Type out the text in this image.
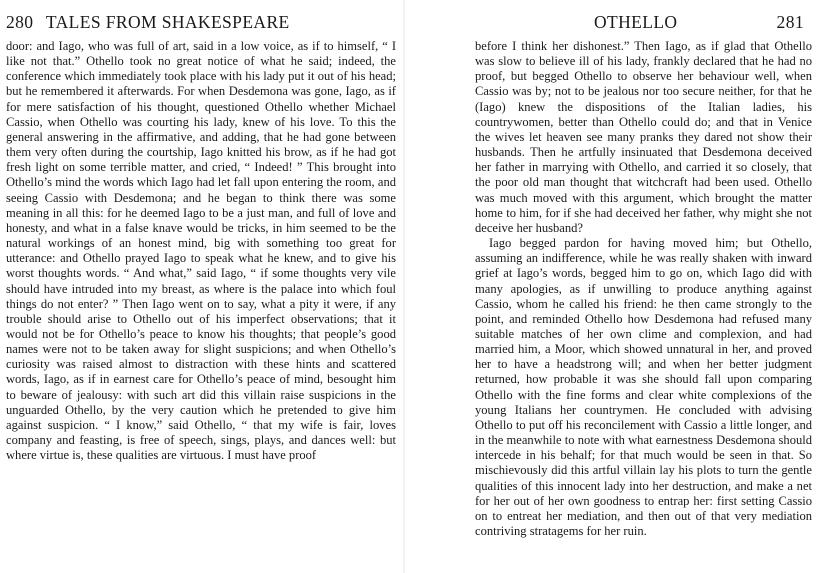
280 TALES FROM SHAKESPEARE

door: and Iago, who was full of art, said in a low voice, as if to himself, “ I like not that.” Othello took no great notice of what he said; indeed, the conference which immediately took place with his lady put it out of his head; but he remembered it afterwards. For when Desdemona was gone, Iago, as if for mere satisfaction of his thought, questioned Othello whether Michael Cassio, when Othello was courting his lady, knew of his love. To this the general answering in the affirmative, and adding, that he had gone between them very often during the courtship, Iago knitted his brow, as if he had got fresh light on some terrible matter, and cried, “ Indeed! ” This brought into Othello’s mind the words which Iago had let fall upon entering the room, and seeing Cassio with Desdemona; and he began to think there was some meaning in all this: for he deemed Iago to be a just man, and full of love and honesty, and what in a false knave would be tricks, in him seemed to be the natural workings of an honest mind, big with something too great for utterance: and Othello prayed Iago to speak what he knew, and to give his worst thoughts words. “ And what,” said Iago, “ if some thoughts very vile should have intruded into my breast, as where is the palace into which foul things do not enter? ” Then Iago went on to say, what a pity it were, if any trouble should arise to Othello out of his imperfect observations; that it would not be for Othello’s peace to know his thoughts; that people’s good names were not to be taken away for slight suspicions; and when Othello’s curiosity was raised almost to distraction with these hints and scattered words, Iago, as if in earnest care for Othello’s peace of mind, besought him to beware of jealousy: with such art did this villain raise suspicions in the unguarded Othello, by the very caution which he pretended to give him against suspicion. “ I know,” said Othello, “ that my wife is fair, loves company and feasting, is free of speech, sings, plays, and dances well: but where virtue is, these qualities are virtuous. I must have proof

OTHELLO	281

before I think her dishonest.” Then Iago, as if glad that Othello was slow to believe ill of his lady, frankly declared that he had no proof, but begged Othello to observe her behaviour well, when Cassio was by; not to be jealous nor too secure neither, for that he (Iago) knew the dispositions of the Italian ladies, his countrywomen, better than Othello could do; and that in Venice the wives let heaven see many pranks they dared not show their husbands. Then he artfully insinuated that Desdemona deceived her father in marrying with Othello, and carried it so closely, that the poor old man thought that witchcraft had been used. Othello was much moved with this argument, which brought the matter home to him, for if she had deceived her father, why might she not deceive her husband?

Iago begged pardon for having moved him; but Othello, assuming an indifference, while he was really shaken with inward grief at Iago’s words, begged him to go on, which Iago did with many apologies, as if unwilling to produce anything against Cassio, whom he called his friend: he then came strongly to the point, and reminded Othello how Desdemona had refused many suitable matches of her own clime and complexion, and had married him, a Moor, which showed unnatural in her, and proved her to have a headstrong will; and when her better judgment returned, how probable it was she should fall upon comparing Othello with the fine forms and clear white complexions of the young Italians her countrymen. He concluded with advising Othello to put off his reconcilement with Cassio a little longer, and in the meanwhile to note with what earnestness Desdemona should intercede in his behalf; for that much would be seen in that. So mischievously did this artful villain lay his plots to turn the gentle qualities of this innocent lady into her destruction, and make a net for her out of her own goodness to entrap her: first setting Cassio on to entreat her mediation, and then out of that very mediation contriving stratagems for her ruin.
